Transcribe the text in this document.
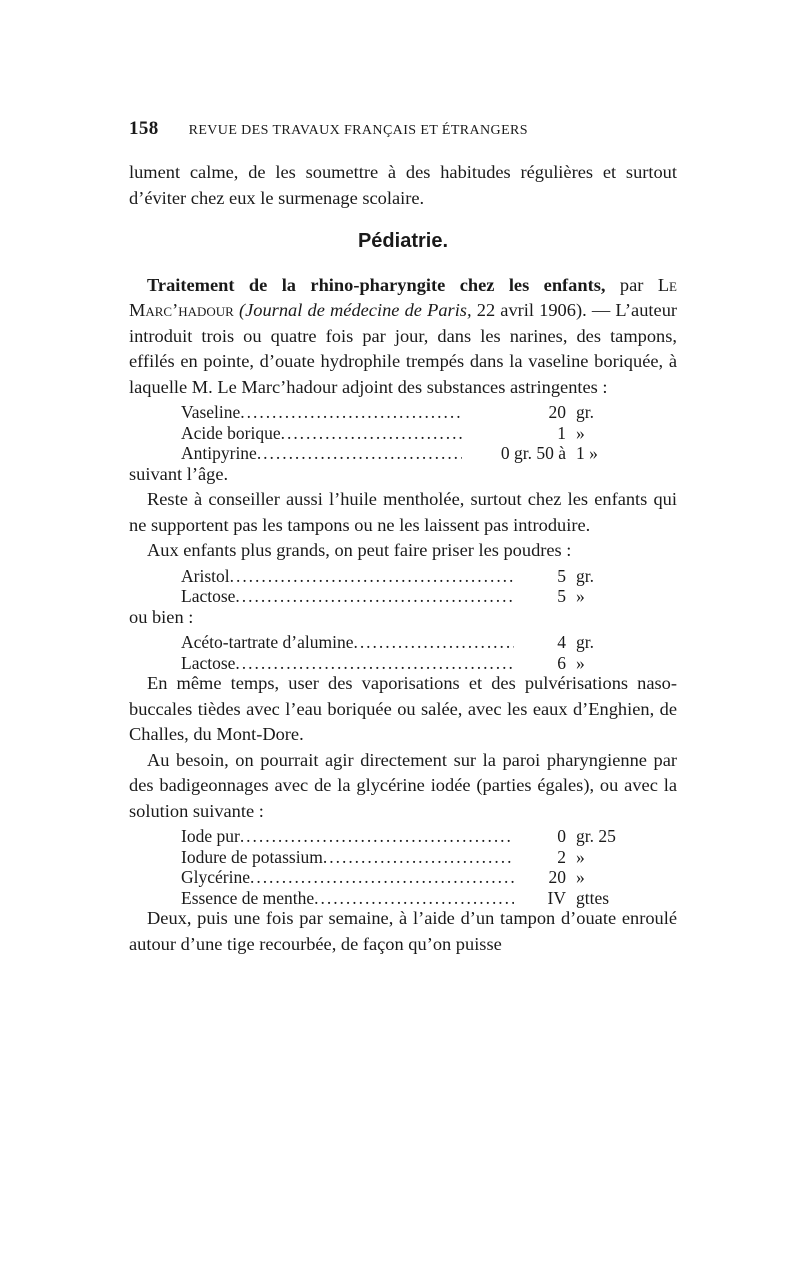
158 REVUE DES TRAVAUX FRANÇAIS ET ÉTRANGERS

lument calme, de les soumettre à des habitudes régulières et surtout d’éviter chez eux le surmenage scolaire.

Pédiatrie.

Traitement de la rhino-pharyngite chez les enfants, par Le Marc’hadour (Journal de médecine de Paris, 22 avril 1906). — L’auteur introduit trois ou quatre fois par jour, dans les narines, des tampons, effilés en pointe, d’ouate hydrophile trempés dans la vaseline boriquée, à laquelle M. Le Marc’hadour adjoint des substances astringentes :

Vaseline . . .	20 gr.
Acide borique . . .	1 »
Antipyrine . . .	0 gr. 50 à 1 »

suivant l’âge.

Reste à conseiller aussi l’huile mentholée, surtout chez les enfants qui ne supportent pas les tampons ou ne les laissent pas introduire.

Aux enfants plus grands, on peut faire priser les poudres :

Aristol . . .	5 gr.
Lactose . . .	5 »

ou bien :

Acéto-tartrate d’alumine . . .	4 gr.
Lactose . . .	6 »

En même temps, user des vaporisations et des pulvérisations naso-buccales tièdes avec l’eau boriquée ou salée, avec les eaux d’Enghien, de Challes, du Mont-Dore.

Au besoin, on pourrait agir directement sur la paroi pharyngienne par des badigeonnages avec de la glycérine iodée (parties égales), ou avec la solution suivante :

Iode pur . . .	0 gr. 25
Iodure de potassium . . .	2 »
Glycérine . . .	20 »
Essence de menthe . . .	IV gttes

Deux, puis une fois par semaine, à l’aide d’un tampon d’ouate enroulé autour d’une tige recourbée, de façon qu’on puisse
